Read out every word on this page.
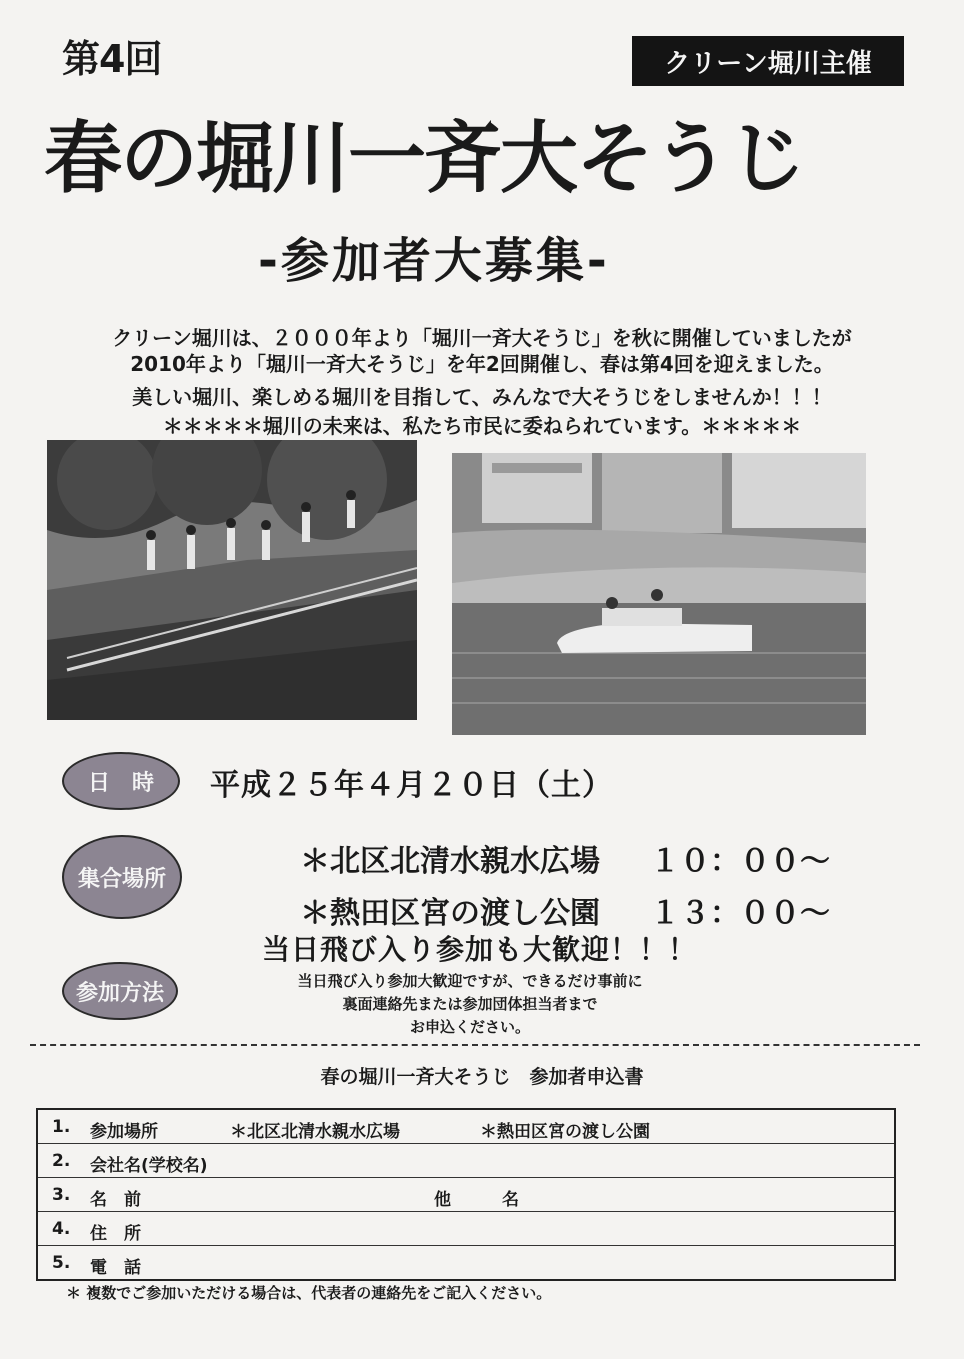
第4回	クリーン堀川主催
春の堀川一斉大そうじ
-参加者大募集-
クリーン堀川は、２０００年より「堀川一斉大そうじ」を秋に開催していましたが
2010年より「堀川一斉大そうじ」を年2回開催し、春は第4回を迎えました。
美しい堀川、楽しめる堀川を目指して、みんなで大そうじをしませんか！！！
＊＊＊＊＊堀川の未来は、私たち市民に委ねられています。＊＊＊＊＊
日　時	平成２５年４月２０日（土）
集合場所	＊北区北清水親水広場 １０：００～
＊熱田区宮の渡し公園 １３：００～
当日飛び入り参加も大歓迎！！！
参加方法	当日飛び入り参加大歓迎ですが、できるだけ事前に
裏面連絡先または参加団体担当者まで
お申込ください。
春の堀川一斉大そうじ　参加者申込書
1. 参加場所	＊北区北清水親水広場	＊熱田区宮の渡し公園
2. 会社名(学校名)
3. 名　前	他　　　名
4. 住　所
5. 電　話
＊ 複数でご参加いただける場合は、代表者の連絡先をご記入ください。
